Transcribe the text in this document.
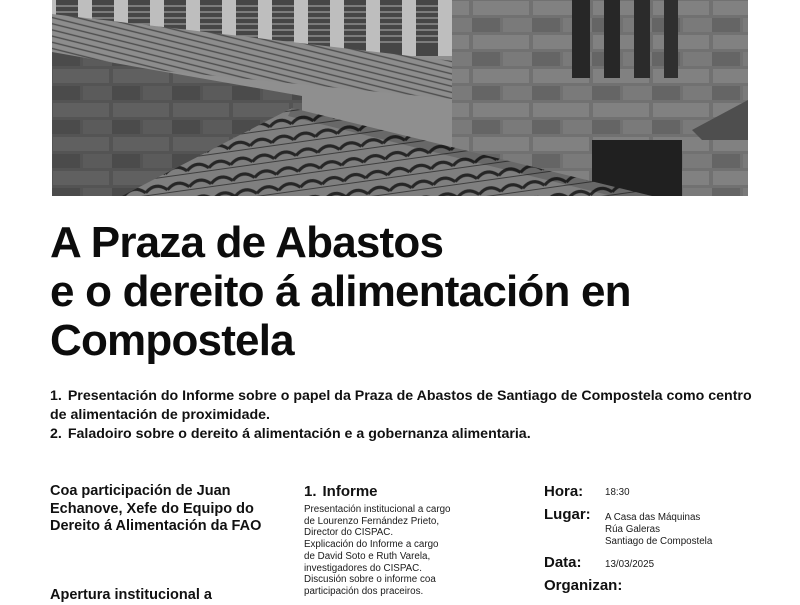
A Praza de Abastos
e o dereito á alimentación en
Compostela

1. Presentación do Informe sobre o papel da Praza de Abastos de Santiago de Compostela como centro de alimentación de proximidade.

2. Faladoiro sobre o dereito á alimentación e a gobernanza alimentaria.

Coa participación de Juan Echanove, Xefe do Equipo do Dereito á Alimentación da FAO

Apertura institucional a

1. Informe

Presentación institucional a cargo
de Lourenzo Fernández Prieto,
Director do CISPAC.
Explicación do Informe a cargo
de David Soto e Ruth Varela,
investigadores do CISPAC.
Discusión sobre o informe coa
participación dos praceiros.

Hora: 18:30
Lugar: A Casa das Máquinas
Rúa Galeras
Santiago de Compostela
Data: 13/03/2025
Organizan:
